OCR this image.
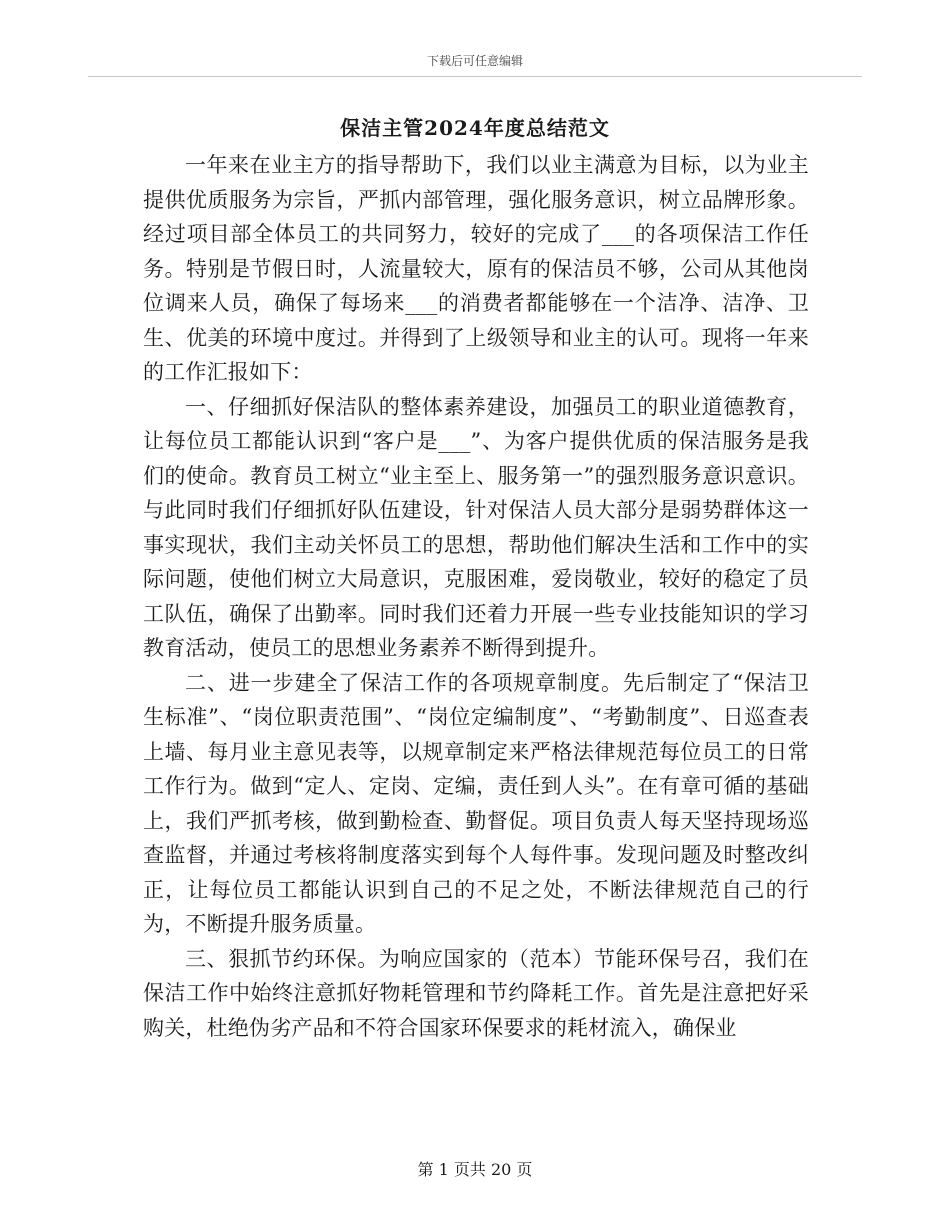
下载后可任意编辑
保洁主管2024年度总结范文

一年来在业主方的指导帮助下，我们以业主满意为目标，以为业主提供优质服务为宗旨，严抓内部管理，强化服务意识，树立品牌形象。经过项目部全体员工的共同努力，较好的完成了___的各项保洁工作任务。特别是节假日时，人流量较大，原有的保洁员不够，公司从其他岗位调来人员，确保了每场来___的消费者都能够在一个洁净、洁净、卫生、优美的环境中度过。并得到了上级领导和业主的认可。现将一年来的工作汇报如下：

一、仔细抓好保洁队的整体素养建设，加强员工的职业道德教育，让每位员工都能认识到“客户是___”、为客户提供优质的保洁服务是我们的使命。教育员工树立“业主至上、服务第一”的强烈服务意识意识。与此同时我们仔细抓好队伍建设，针对保洁人员大部分是弱势群体这一事实现状，我们主动关怀员工的思想，帮助他们解决生活和工作中的实际问题，使他们树立大局意识，克服困难，爱岗敬业，较好的稳定了员工队伍，确保了出勤率。同时我们还着力开展一些专业技能知识的学习教育活动，使员工的思想业务素养不断得到提升。

二、进一步建全了保洁工作的各项规章制度。先后制定了“保洁卫生标准”、“岗位职责范围”、“岗位定编制度”、“考勤制度”、日巡查表上墙、每月业主意见表等，以规章制定来严格法律规范每位员工的日常工作行为。做到“定人、定岗、定编，责任到人头”。在有章可循的基础上，我们严抓考核，做到勤检查、勤督促。项目负责人每天坚持现场巡查监督，并通过考核将制度落实到每个人每件事。发现问题及时整改纠正，让每位员工都能认识到自己的不足之处，不断法律规范自己的行为，不断提升服务质量。

三、狠抓节约环保。为响应国家的（范本）节能环保号召，我们在保洁工作中始终注意抓好物耗管理和节约降耗工作。首先是注意把好采购关，杜绝伪劣产品和不符合国家环保要求的耗材流入，确保业

第 1 页共 20 页
